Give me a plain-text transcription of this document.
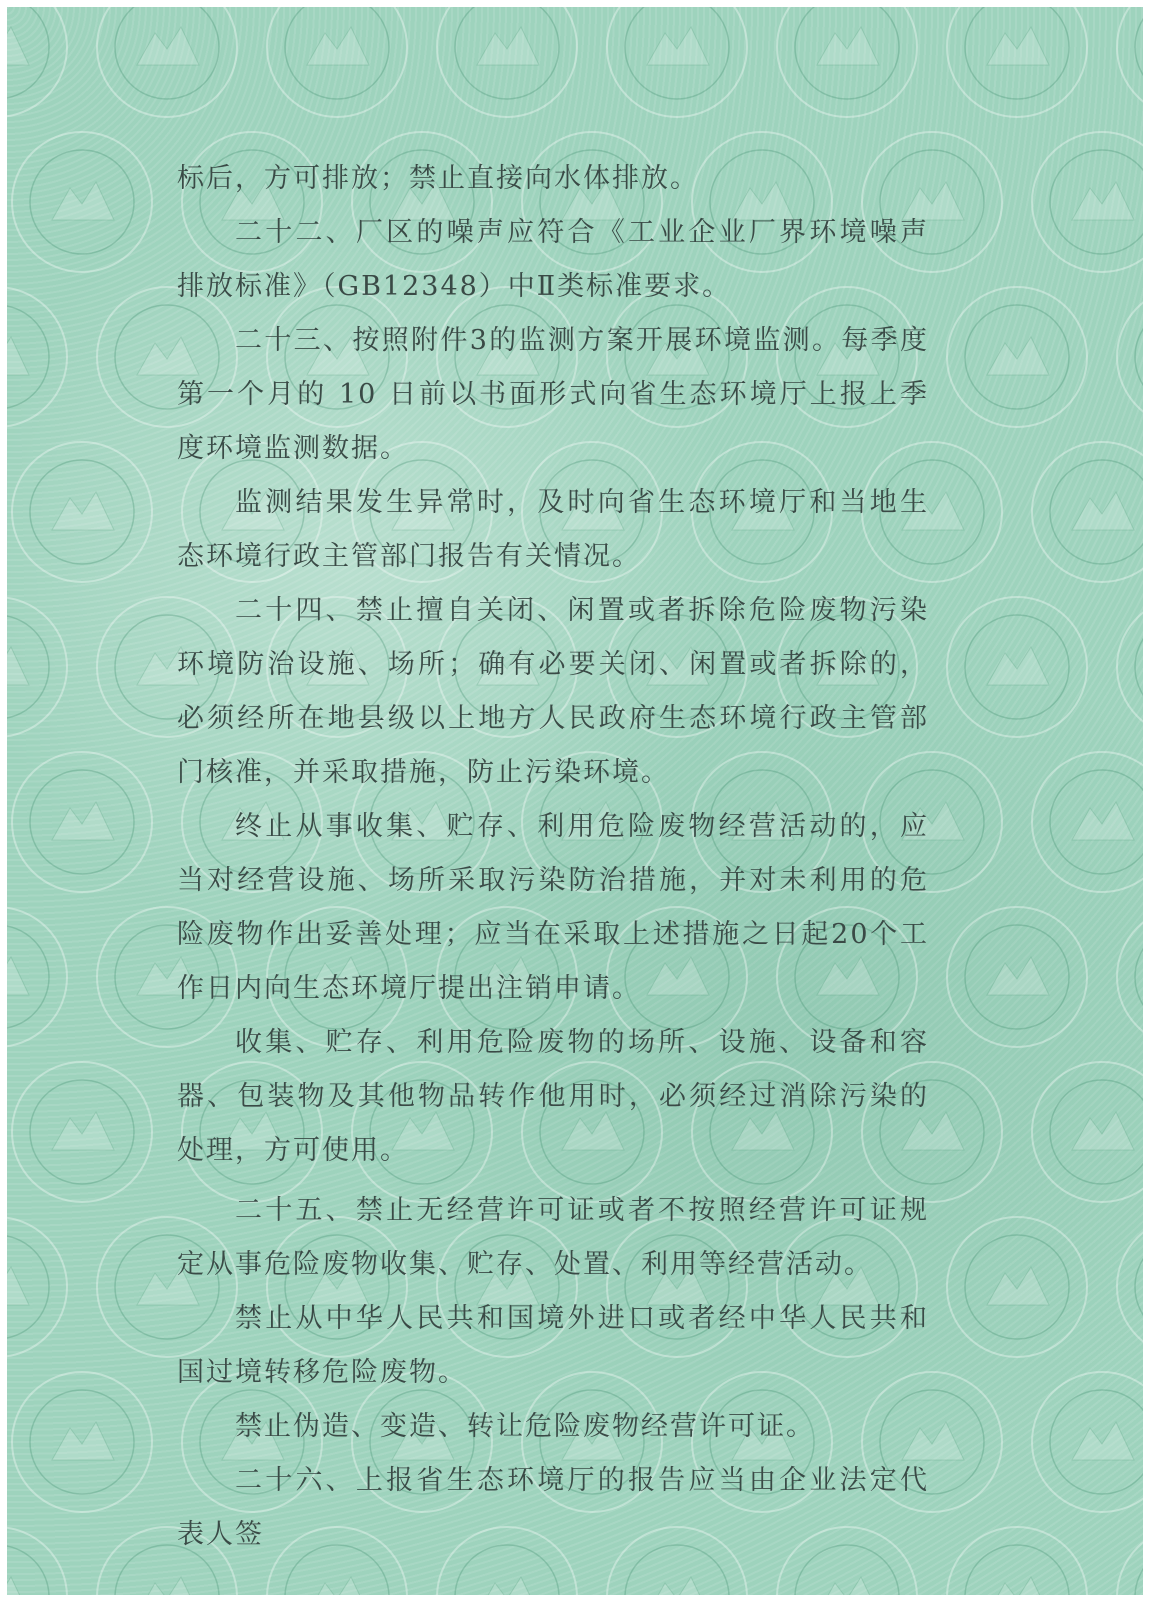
标后，方可排放；禁止直接向水体排放。

二十二、厂区的噪声应符合《工业企业厂界环境噪声排放标准》（GB12348）中Ⅱ类标准要求。

二十三、按照附件3的监测方案开展环境监测。每季度第一个月的 10 日前以书面形式向省生态环境厅上报上季度环境监测数据。

监测结果发生异常时，及时向省生态环境厅和当地生态环境行政主管部门报告有关情况。

二十四、禁止擅自关闭、闲置或者拆除危险废物污染环境防治设施、场所；确有必要关闭、闲置或者拆除的，必须经所在地县级以上地方人民政府生态环境行政主管部门核准，并采取措施，防止污染环境。

终止从事收集、贮存、利用危险废物经营活动的，应当对经营设施、场所采取污染防治措施，并对未利用的危险废物作出妥善处理；应当在采取上述措施之日起20个工作日内向生态环境厅提出注销申请。

收集、贮存、利用危险废物的场所、设施、设备和容器、包装物及其他物品转作他用时，必须经过消除污染的处理，方可使用。

二十五、禁止无经营许可证或者不按照经营许可证规定从事危险废物收集、贮存、处置、利用等经营活动。

禁止从中华人民共和国境外进口或者经中华人民共和国过境转移危险废物。

禁止伪造、变造、转让危险废物经营许可证。

二十六、上报省生态环境厅的报告应当由企业法定代表人签
